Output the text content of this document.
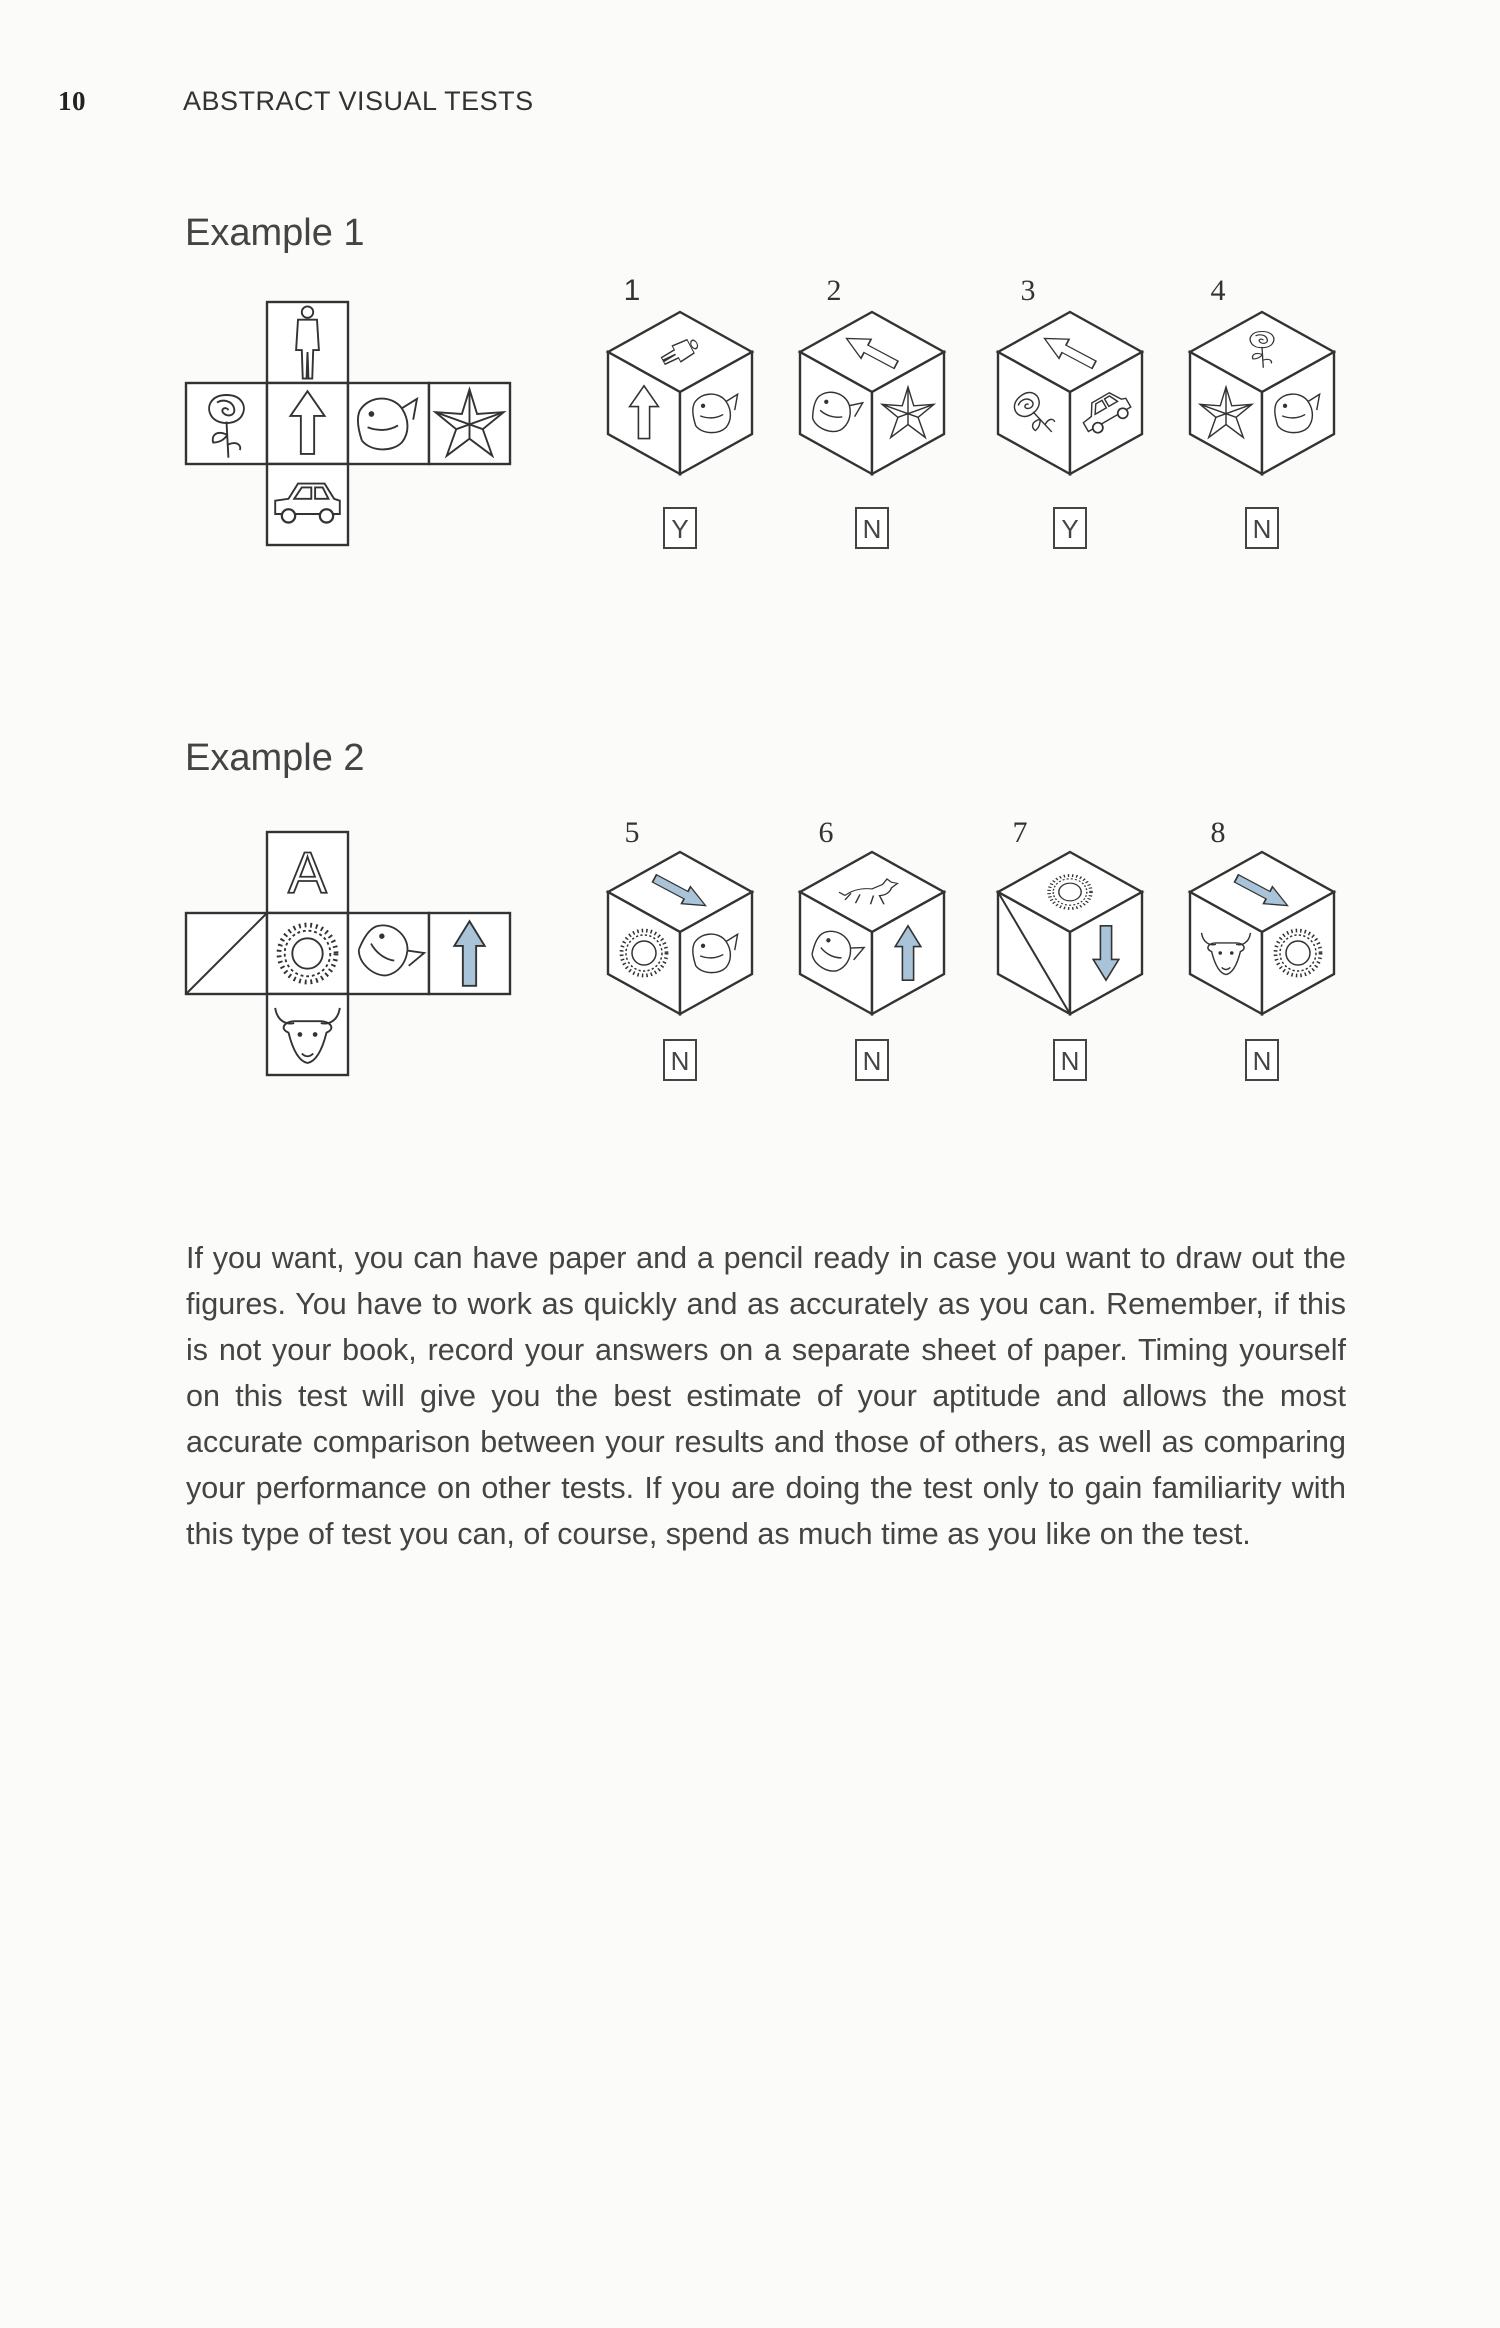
10	ABSTRACT VISUAL TESTS
Example 1
1
Y
2
N
3
Y
4
N
Example 2
A
5
N
6
N
7
N
8
N

If you want, you can have paper and a pencil ready in case you want to draw out the figures. You have to work as quickly and as accurately as you can. Remember, if this is not your book, record your answers on a separate sheet of paper. Timing yourself on this test will give you the best estimate of your aptitude and allows the most accurate comparison between your results and those of others, as well as comparing your performance on other tests. If you are doing the test only to gain familiarity with this type of test you can, of course, spend as much time as you like on the test.
